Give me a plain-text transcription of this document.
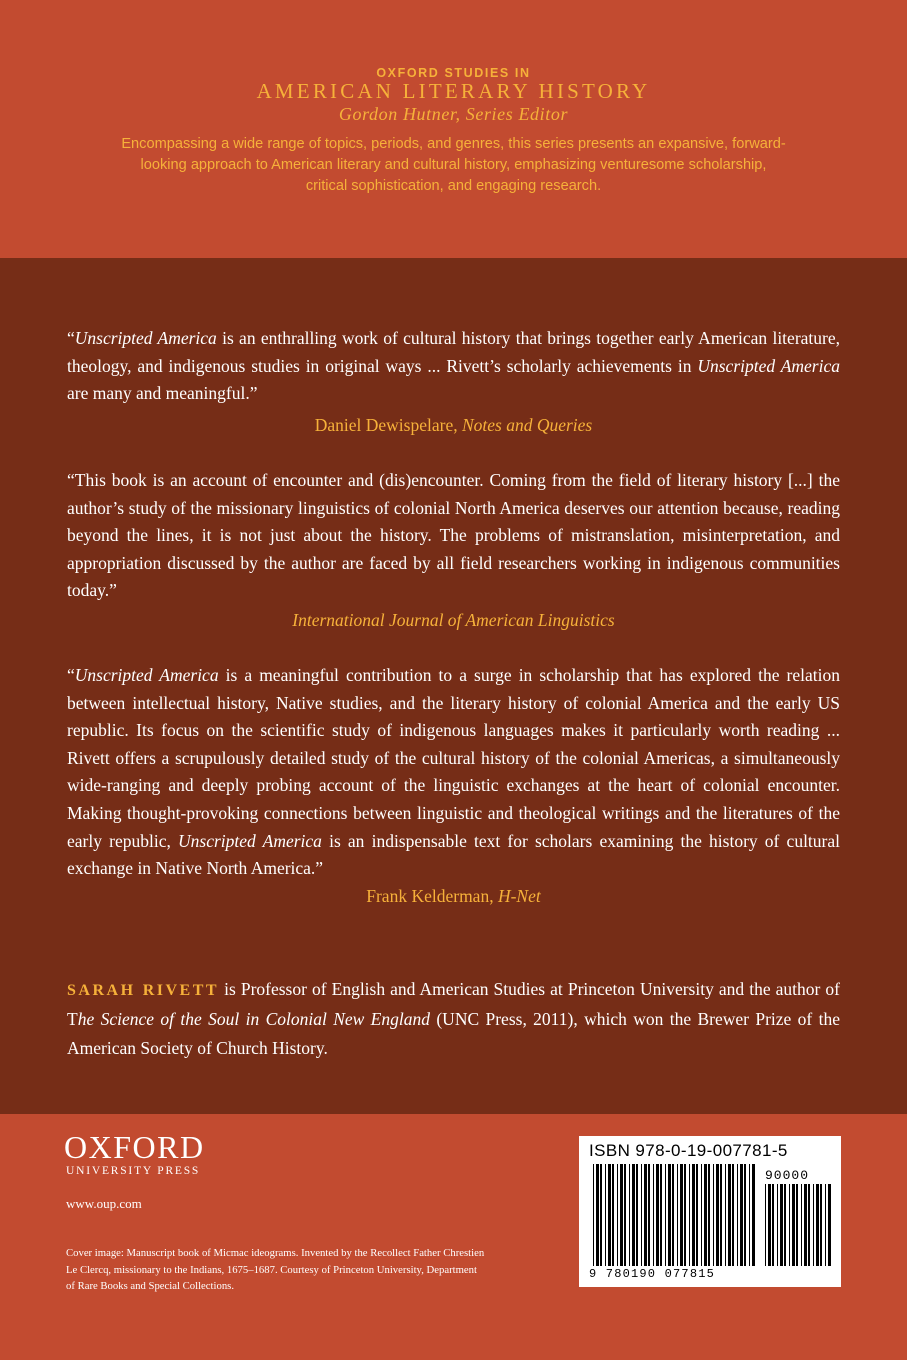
OXFORD STUDIES IN
AMERICAN LITERARY HISTORY
Gordon Hutner, Series Editor
Encompassing a wide range of topics, periods, and genres, this series presents an expansive, forward-looking approach to American literary and cultural history, emphasizing venturesome scholarship, critical sophistication, and engaging research.
“Unscripted America is an enthralling work of cultural history that brings together early American literature, theology, and indigenous studies in original ways ... Rivett’s scholarly achievements in Unscripted America are many and meaningful.”
Daniel Dewispelare, Notes and Queries
“This book is an account of encounter and (dis)encounter. Coming from the field of literary history [...] the author’s study of the missionary linguistics of colonial North America deserves our attention because, reading beyond the lines, it is not just about the history. The problems of mistranslation, misinterpretation, and appropriation discussed by the author are faced by all field researchers working in indigenous communities today.”
International Journal of American Linguistics
“Unscripted America is a meaningful contribution to a surge in scholarship that has explored the relation between intellectual history, Native studies, and the literary history of colonial America and the early US republic. Its focus on the scientific study of indigenous languages makes it particularly worth reading ... Rivett offers a scrupulously detailed study of the cultural history of the colonial Americas, a simultaneously wide-ranging and deeply probing account of the linguistic exchanges at the heart of colonial encounter. Making thought-provoking connections between linguistic and theological writings and the literatures of the early republic, Unscripted America is an indispensable text for scholars examining the history of cultural exchange in Native North America.”
Frank Kelderman, H-Net
SARAH RIVETT is Professor of English and American Studies at Princeton University and the author of The Science of the Soul in Colonial New England (UNC Press, 2011), which won the Brewer Prize of the American Society of Church History.
OXFORD
UNIVERSITY PRESS
www.oup.com
Cover image: Manuscript book of Micmac ideograms. Invented by the Recollect Father Chrestien Le Clercq, missionary to the Indians, 1675–1687. Courtesy of Princeton University, Department of Rare Books and Special Collections.
ISBN 978-0-19-007781-5
90000
9 780190 077815
